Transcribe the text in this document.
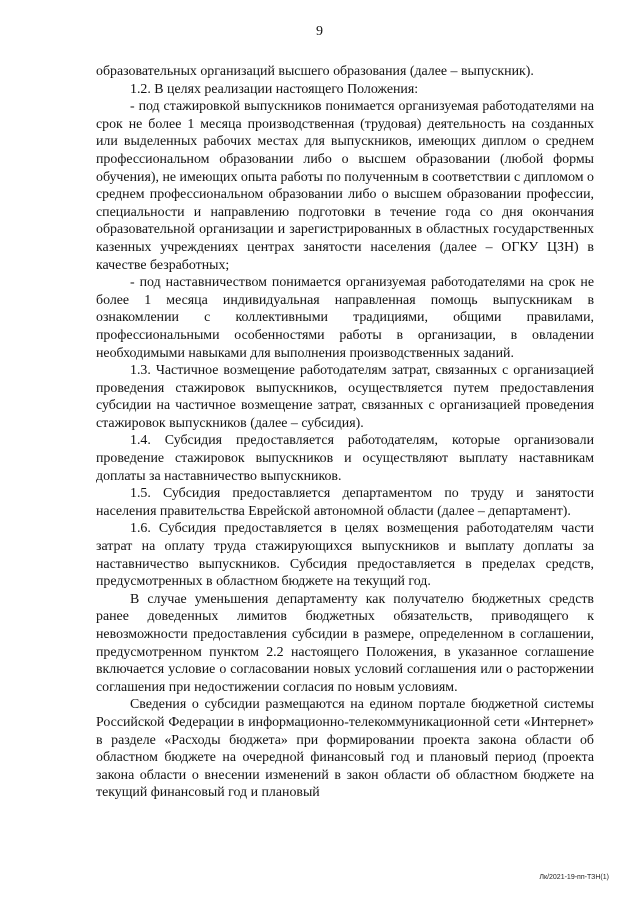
9

образовательных организаций высшего образования (далее – выпускник).

1.2. В целях реализации настоящего Положения:

- под стажировкой выпускников понимается организуемая работодателями на срок не более 1 месяца производственная (трудовая) деятельность на созданных или выделенных рабочих местах для выпускников, имеющих диплом о среднем профессиональном образовании либо о высшем образовании (любой формы обучения), не имеющих опыта работы по полученным в соответствии с дипломом о среднем профессиональном образовании либо о высшем образовании профессии, специальности и направлению подготовки в течение года со дня окончания образовательной организации и зарегистрированных в областных государственных казенных учреждениях центрах занятости населения (далее – ОГКУ ЦЗН) в качестве безработных;

- под наставничеством понимается организуемая работодателями на срок не более 1 месяца индивидуальная направленная помощь выпускникам в ознакомлении с коллективными традициями, общими правилами, профессиональными особенностями работы в организации, в овладении необходимыми навыками для выполнения производственных заданий.

1.3. Частичное возмещение работодателям затрат, связанных с организацией проведения стажировок выпускников, осуществляется путем предоставления субсидии на частичное возмещение затрат, связанных с организацией проведения стажировок выпускников (далее – субсидия).

1.4. Субсидия предоставляется работодателям, которые организовали проведение стажировок выпускников и осуществляют выплату наставникам доплаты за наставничество выпускников.

1.5. Субсидия предоставляется департаментом по труду и занятости населения правительства Еврейской автономной области (далее – департамент).

1.6. Субсидия предоставляется в целях возмещения работодателям части затрат на оплату труда стажирующихся выпускников и выплату доплаты за наставничество выпускников. Субсидия предоставляется в пределах средств, предусмотренных в областном бюджете на текущий год.

В случае уменьшения департаменту как получателю бюджетных средств ранее доведенных лимитов бюджетных обязательств, приводящего к невозможности предоставления субсидии в размере, определенном в соглашении, предусмотренном пунктом 2.2 настоящего Положения, в указанное соглашение включается условие о согласовании новых условий соглашения или о расторжении соглашения при недостижении согласия по новым условиям.

Сведения о субсидии размещаются на едином портале бюджетной системы Российской Федерации в информационно-телекоммуникационной сети «Интернет» в разделе «Расходы бюджета» при формировании проекта закона области об областном бюджете на очередной финансовый год и плановый период (проекта закона области о внесении изменений в закон области об областном бюджете на текущий финансовый год и плановый

Лк/2021-19-пп-ТЗН(1)
